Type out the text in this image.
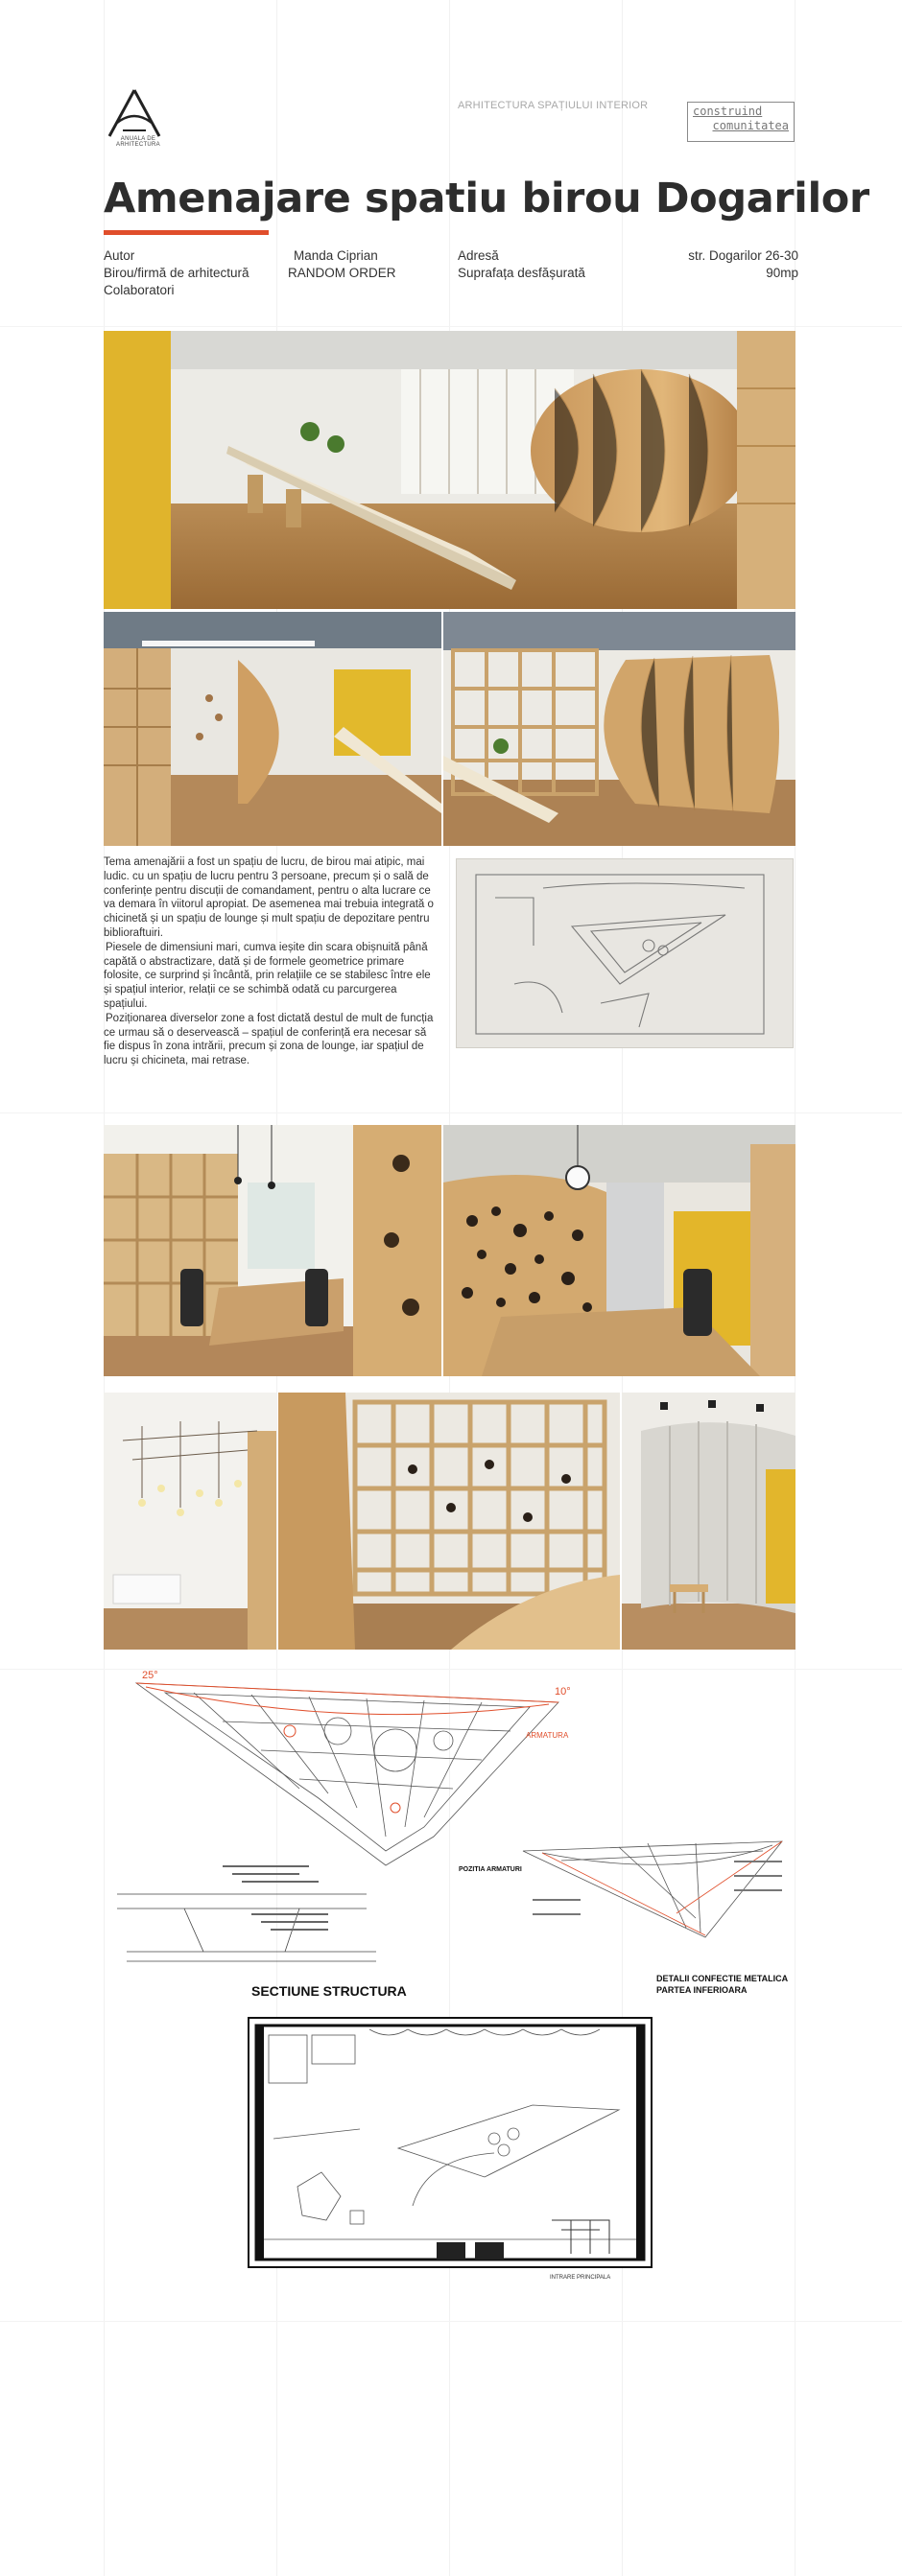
ANUALA DE ARHITECTURA
ARHITECTURA SPAȚIULUI INTERIOR	construind
comunitatea
Amenajare spatiu birou Dogarilor
Autor
Birou/firmă de arhitectură
Colaboratori
Manda Ciprian
RANDOM ORDER
Adresă
Suprafața desfășurată
str. Dogarilor 26-30
90mp

Tema amenajării a fost un spațiu de lucru, de birou mai atipic, mai ludic. cu un spațiu de lucru pentru 3 persoane, precum și o sală de conferințe pentru discuții de comandament, pentru o alta lucrare ce va demara în viitorul apropiat. De asemenea mai trebuia integrată o chicinetă și un spațiu de lounge și mult spațiu de depozitare pentru biblioraftuiri.

Piesele de dimensiuni mari, cumva ieșite din scara obișnuită până capătă o abstractizare, dată și de formele geometrice primare folosite, ce surprind și încântă, prin relațiile ce se stabilesc între ele și spațiul interior, relații ce se schimbă odată cu parcurgerea spațiului.

Poziționarea diverselor zone a fost dictată destul de mult de funcția ce urmau să o deservească – spațiul de conferință era necesar să fie dispus în zona intrării, precum și zona de lounge, iar spațiul de lucru și chicineta, mai retrase.

25°
10°
ARMATURA
POZITIA ARMATURI
SECTIUNE STRUCTURA
DETALII CONFECTIE METALICA
PARTEA INFERIOARA
INTRARE PRINCIPALA
